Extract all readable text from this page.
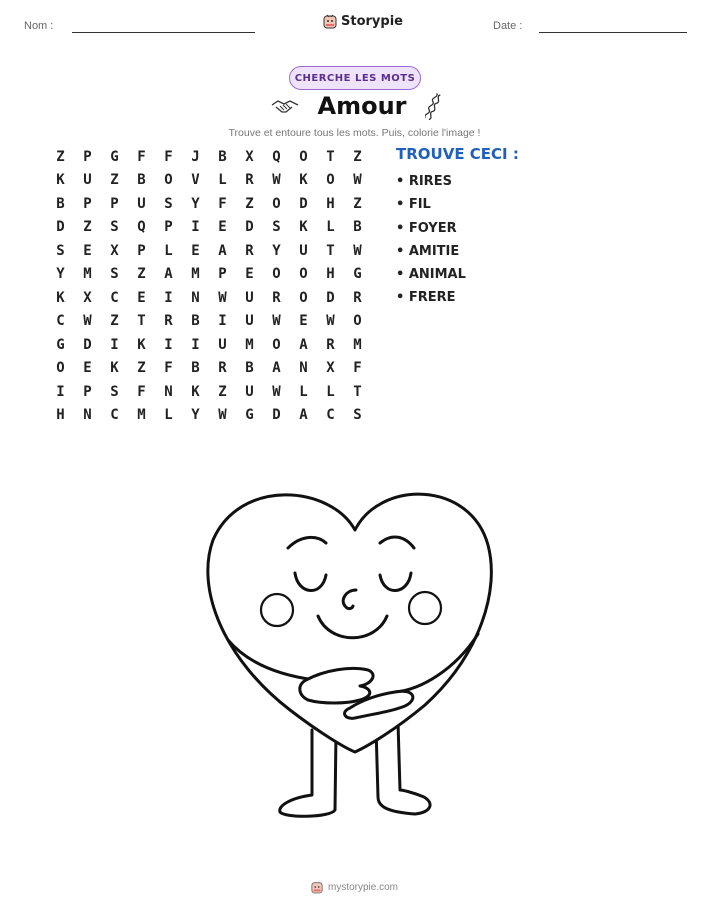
Nom :	Storypie	Date :
CHERCHE LES MOTS
Amour
Trouve et entoure tous les mots. Puis, colorie l'image !
Z	P	G	F	F	J	B	X	Q	O	T	Z
K	U	Z	B	O	V	L	R	W	K	O	W
B	P	P	U	S	Y	F	Z	O	D	H	Z
D	Z	S	Q	P	I	E	D	S	K	L	B
S	E	X	P	L	E	A	R	Y	U	T	W
Y	M	S	Z	A	M	P	E	O	O	H	G
K	X	C	E	I	N	W	U	R	O	D	R
C	W	Z	T	R	B	I	U	W	E	W	O
G	D	I	K	I	I	U	M	O	A	R	M
O	E	K	Z	F	B	R	B	A	N	X	F
I	P	S	F	N	K	Z	U	W	L	L	T
H	N	C	M	L	Y	W	G	D	A	C	S
TROUVE CECI :
• RIRES
• FIL
• FOYER
• AMITIE
• ANIMAL
• FRERE
mystorypie.com
